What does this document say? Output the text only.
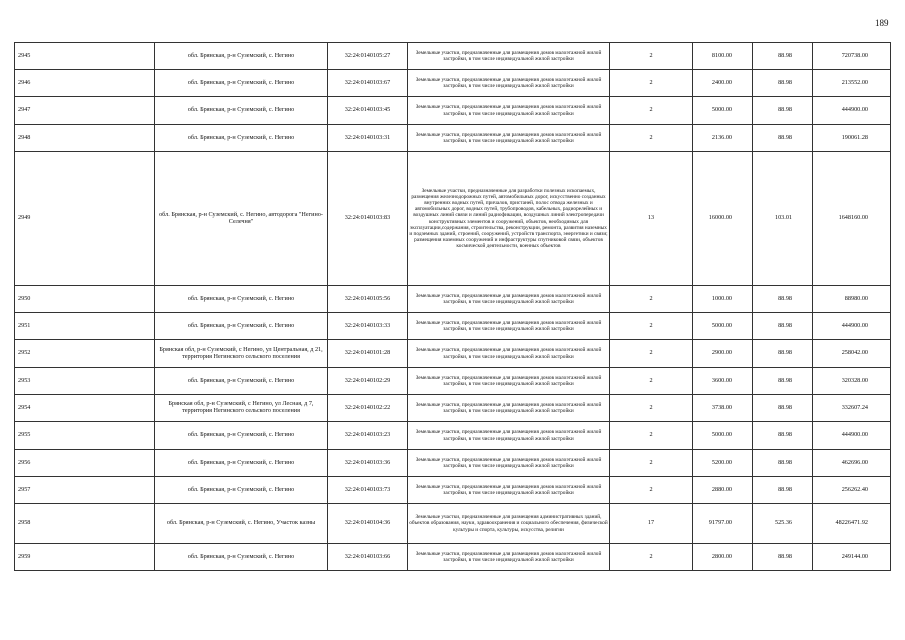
189
2945	обл. Брянская, р-н Суземский, с. Негино	32:24:0140105:27	Земельные участки, предназначенные для размещения домов малоэтажной жилой застройки, в том числе индивидуальной жилой застройки	2	8100.00	88.98	720738.00
2946	обл. Брянская, р-н Суземский, с. Негино	32:24:0140103:67	Земельные участки, предназначенные для размещения домов малоэтажной жилой застройки, в том числе индивидуальной жилой застройки	2	2400.00	88.98	213552.00
2947	обл. Брянская, р-н Суземский, с. Негино	32:24:0140103:45	Земельные участки, предназначенные для размещения домов малоэтажной жилой застройки, в том числе индивидуальной жилой застройки	2	5000.00	88.98	444900.00
2948	обл. Брянская, р-н Суземский, с. Негино	32:24:0140103:31	Земельные участки, предназначенные для размещения домов малоэтажной жилой застройки, в том числе индивидуальной жилой застройки	2	2136.00	88.98	190061.28
2949	обл. Брянская, р-н Суземский, с. Негино, автодорога "Негино- Селечня"	32:24:0140103:83	Земельные участки, предназначенные для разработки полезных ископаемых, размещения железнодорожных путей, автомобильных дорог, искусственно созданных внутренних водных путей, причалов, пристаней, полос отвода железных и автомобильных дорог, водных путей, трубопроводов, кабельных, радиорелейных и воздушных линий связи и линий радиофикации, воздушных линий электропередачи конструктивных элементов и сооружений, объектов, необходимых для эксплуатации,содержания, строительства, реконструкции, ремонта, развития наземных и подземных зданий, строений, сооружений, устройств транспорта, энергетики и связи; размещения наземных сооружений и инфраструктуры спутниковой связи, объектов космической деятельности, военных объектов	13	16000.00	103.01	1648160.00
2950	обл. Брянская, р-н Суземский, с. Негино	32:24:0140105:56	Земельные участки, предназначенные для размещения домов малоэтажной жилой застройки, в том числе индивидуальной жилой застройки	2	1000.00	88.98	88980.00
2951	обл. Брянская, р-н Суземский, с. Негино	32:24:0140103:33	Земельные участки, предназначенные для размещения домов малоэтажной жилой застройки, в том числе индивидуальной жилой застройки	2	5000.00	88.98	444900.00
2952	Брянская обл, р-н Суземский, с Негино, ул Центральная, д 21, территория Негинского сельского поселения	32:24:0140101:28	Земельные участки, предназначенные для размещения домов малоэтажной жилой застройки, в том числе индивидуальной жилой застройки	2	2900.00	88.98	258042.00
2953	обл. Брянская, р-н Суземский, с. Негино	32:24:0140102:29	Земельные участки, предназначенные для размещения домов малоэтажной жилой застройки, в том числе индивидуальной жилой застройки	2	3600.00	88.98	320328.00
2954	Брянская обл, р-н Суземский, с Негино, ул Лесная, д 7, территория Негинского сельского поселения	32:24:0140102:22	Земельные участки, предназначенные для размещения домов малоэтажной жилой застройки, в том числе индивидуальной жилой застройки	2	3738.00	88.98	332607.24
2955	обл. Брянская, р-н Суземский, с. Негино	32:24:0140103:23	Земельные участки, предназначенные для размещения домов малоэтажной жилой застройки, в том числе индивидуальной жилой застройки	2	5000.00	88.98	444900.00
2956	обл. Брянская, р-н Суземский, с. Негино	32:24:0140103:36	Земельные участки, предназначенные для размещения домов малоэтажной жилой застройки, в том числе индивидуальной жилой застройки	2	5200.00	88.98	462696.00
2957	обл. Брянская, р-н Суземский, с. Негино	32:24:0140103:73	Земельные участки, предназначенные для размещения домов малоэтажной жилой застройки, в том числе индивидуальной жилой застройки	2	2880.00	88.98	256262.40
2958	обл. Брянская, р-н Суземский, с. Негино, Участок казны	32:24:0140104:36	Земельные участки, предназначенные для размещения административных зданий, объектов образования, науки, здравоохранения и социального обеспечения, физической культуры и спорта, культуры, искусства, религии	17	91797.00	525.36	48226471.92
2959	обл. Брянская, р-н Суземский, с. Негино	32:24:0140103:66	Земельные участки, предназначенные для размещения домов малоэтажной жилой застройки, в том числе индивидуальной жилой застройки	2	2800.00	88.98	249144.00
